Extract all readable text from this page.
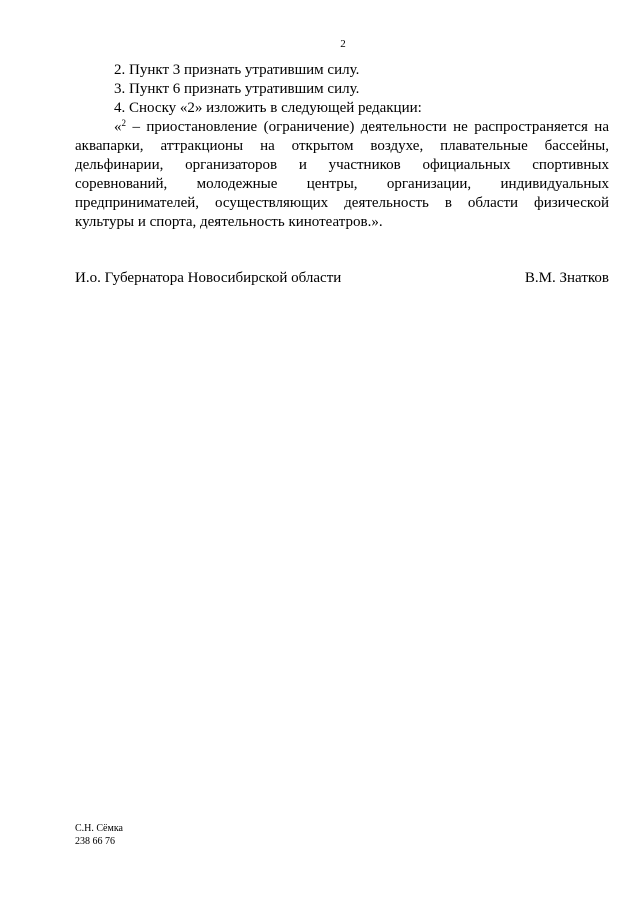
2

2. Пункт 3 признать утратившим силу.

3. Пункт 6 признать утратившим силу.

4. Сноску «2» изложить в следующей редакции:

«$^2$ – приостановление (ограничение) деятельности не распространяется на аквапарки, аттракционы на открытом воздухе, плавательные бассейны, дельфинарии, организаторов и участников официальных спортивных соревнований, молодежные центры, организации, индивидуальных предпринимателей, осуществляющих деятельность в области физической культуры и спорта, деятельность кинотеатров.».

И.о. Губернатора Новосибирской области	В.М. Знатков
С.Н. Сёмка
238 66 76
